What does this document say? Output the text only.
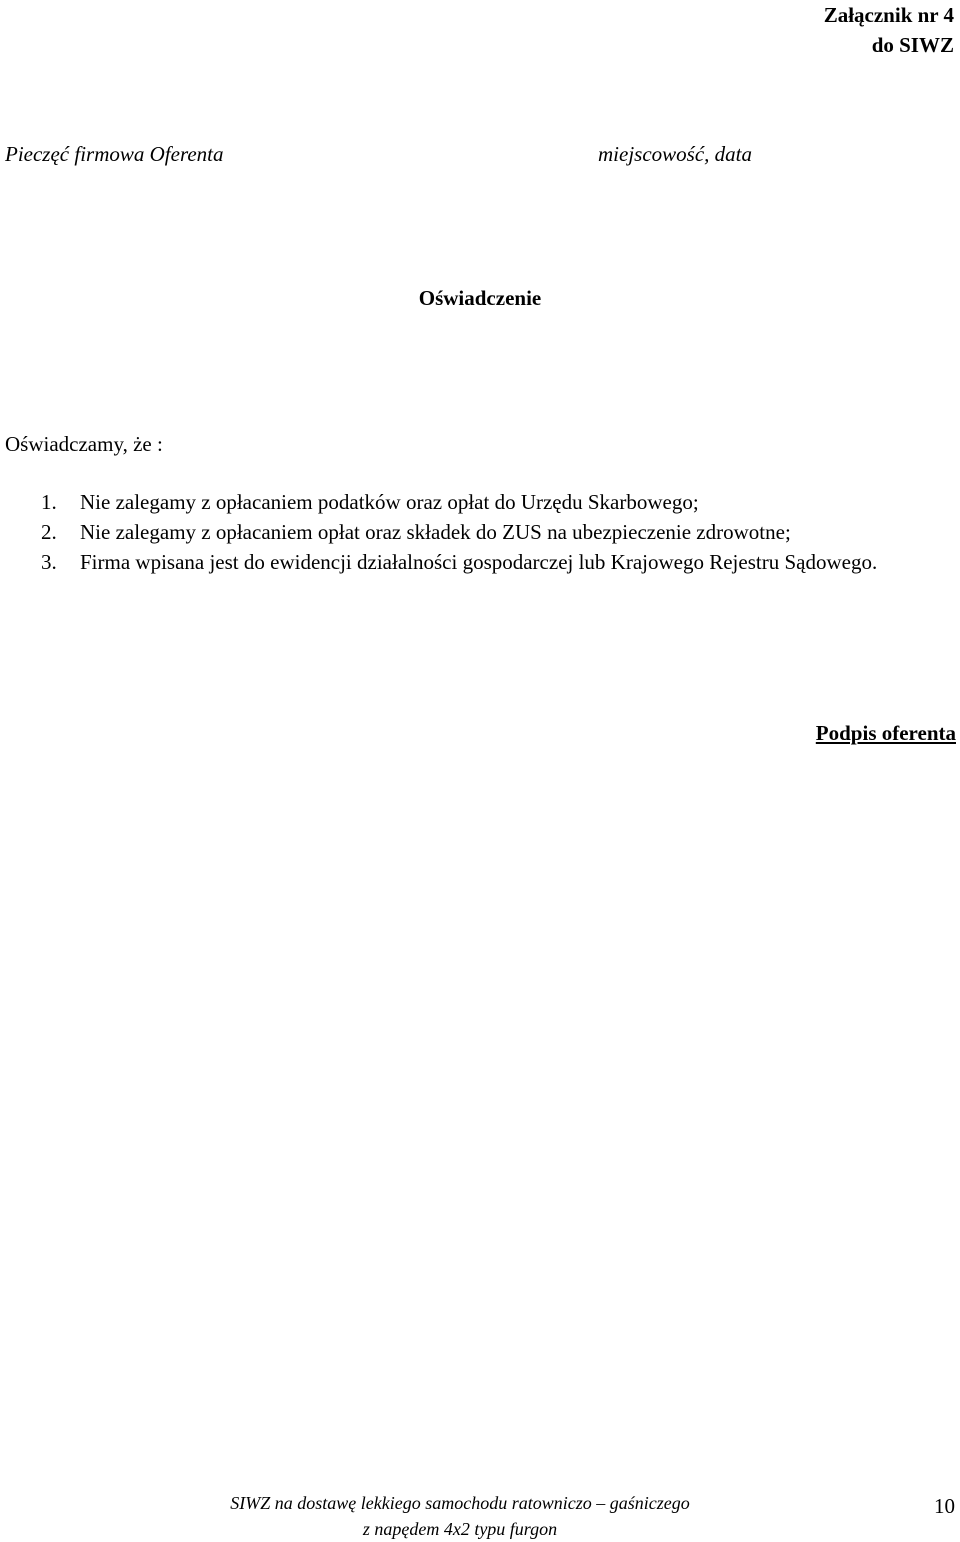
Załącznik nr 4
do SIWZ
Pieczęć firmowa Oferenta	miejscowość, data
Oświadczenie
Oświadczamy, że :
1. Nie zalegamy z opłacaniem podatków oraz opłat do Urzędu Skarbowego;
2. Nie zalegamy z opłacaniem opłat oraz składek do ZUS na ubezpieczenie zdrowotne;
3. Firma wpisana jest do ewidencji działalności gospodarczej lub Krajowego Rejestru Sądowego.
Podpis oferenta
SIWZ na dostawę lekkiego samochodu ratowniczo – gaśniczego
z napędem 4x2 typu furgon
10
